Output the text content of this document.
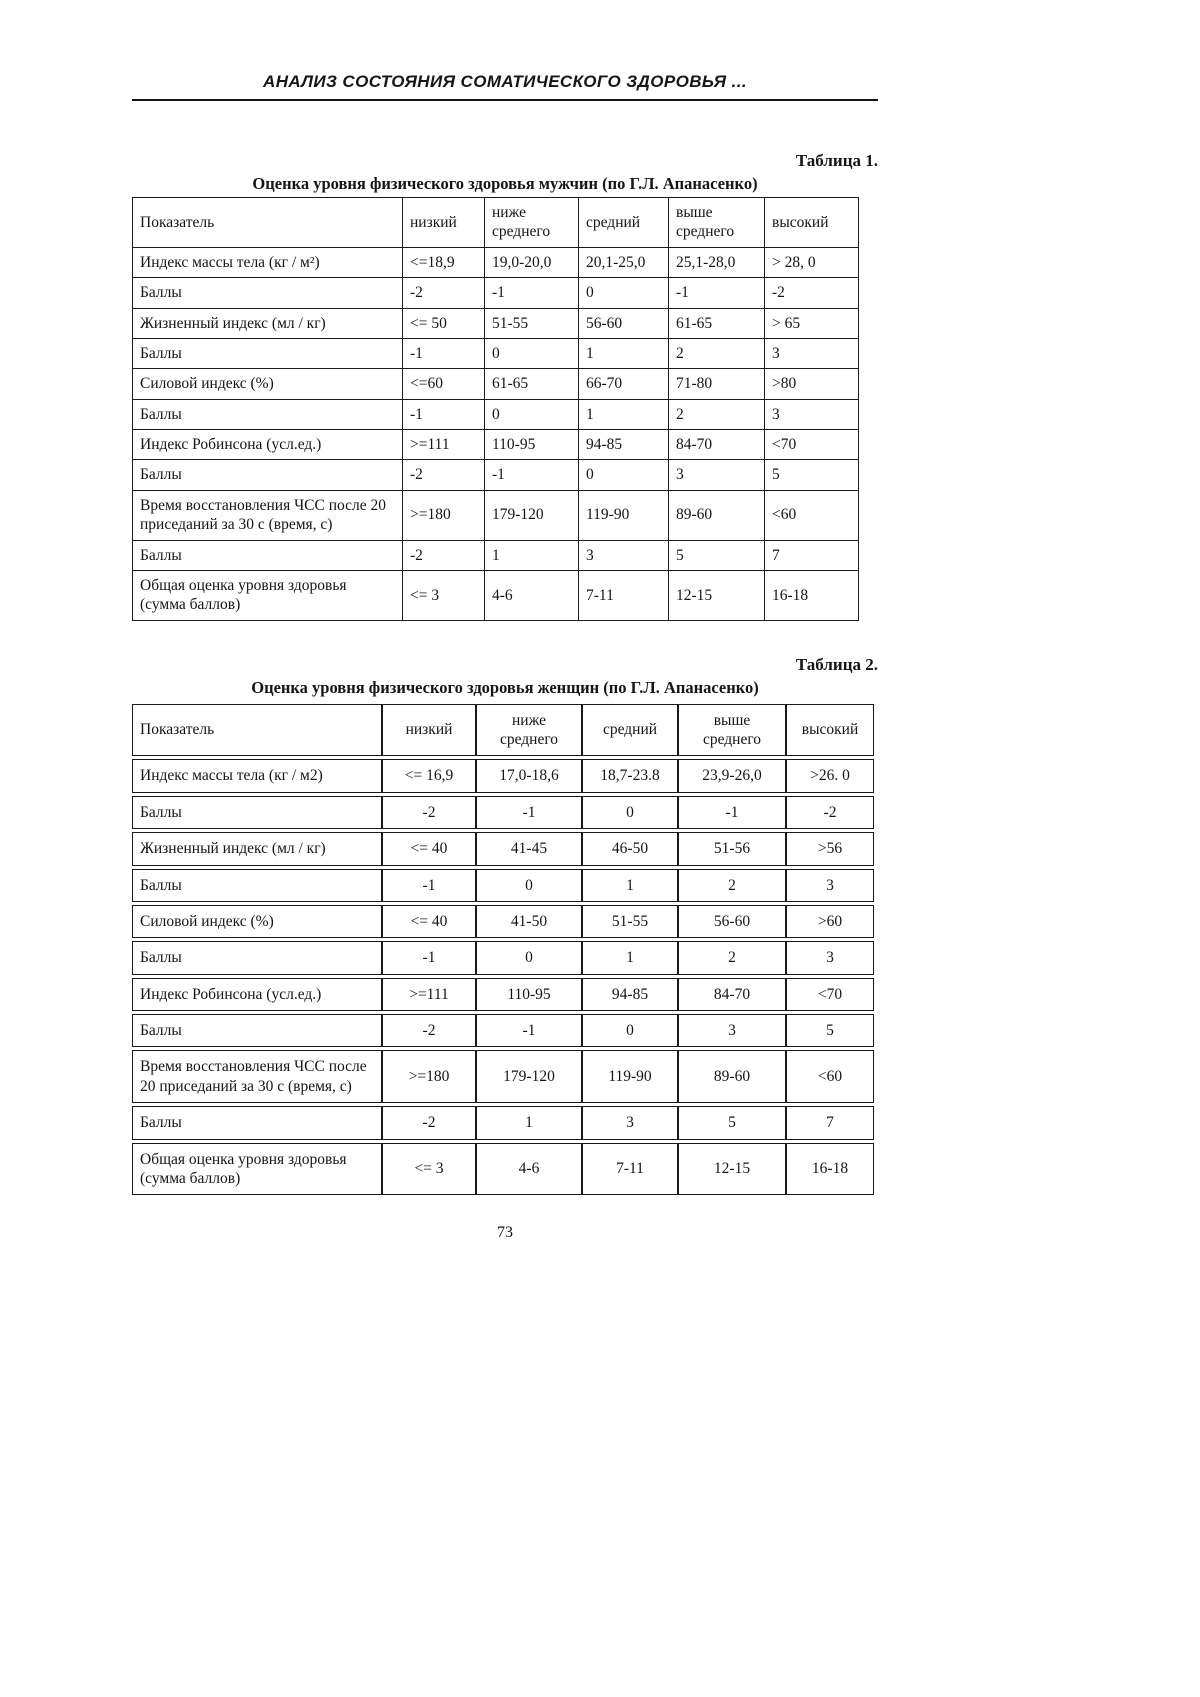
АНАЛИЗ СОСТОЯНИЯ СОМАТИЧЕСКОГО ЗДОРОВЬЯ ...
Таблица 1.
Оценка уровня физического здоровья мужчин (по Г.Л. Апанасенко)
Показатель	низкий	ниже среднего	средний	выше среднего	высокий
Индекс массы тела (кг / м²)	<=18,9	19,0-20,0	20,1-25,0	25,1-28,0	> 28, 0
Баллы	-2	-1	0	-1	-2
Жизненный индекс (мл / кг)	<= 50	51-55	56-60	61-65	> 65
Баллы	-1	0	1	2	3
Силовой индекс (%)	<=60	61-65	66-70	71-80	>80
Баллы	-1	0	1	2	3
Индекс Робинсона (усл.ед.)	>=111	110-95	94-85	84-70	<70
Баллы	-2	-1	0	3	5
Время восстановления ЧСС после 20 приседаний за 30 с (время, с)	>=180	179-120	119-90	89-60	<60
Баллы	-2	1	3	5	7
Общая оценка уровня здоровья (сумма баллов)	<= 3	4-6	7-11	12-15	16-18
Таблица 2.
Оценка уровня физического здоровья женщин (по Г.Л. Апанасенко)
Показатель	низкий	ниже среднего	средний	выше среднего	высокий
Индекс массы тела (кг / м2)	<= 16,9	17,0-18,6	18,7-23.8	23,9-26,0	>26. 0
Баллы	-2	-1	0	-1	-2
Жизненный индекс (мл / кг)	<= 40	41-45	46-50	51-56	>56
Баллы	-1	0	1	2	3
Силовой индекс (%)	<= 40	41-50	51-55	56-60	>60
Баллы	-1	0	1	2	3
Индекс Робинсона (усл.ед.)	>=111	110-95	94-85	84-70	<70
Баллы	-2	-1	0	3	5
Время восстановления ЧСС после 20 приседаний за 30 с (время, с)	>=180	179-120	119-90	89-60	<60
Баллы	-2	1	3	5	7
Общая оценка уровня здоровья (сумма баллов)	<= 3	4-6	7-11	12-15	16-18
73
